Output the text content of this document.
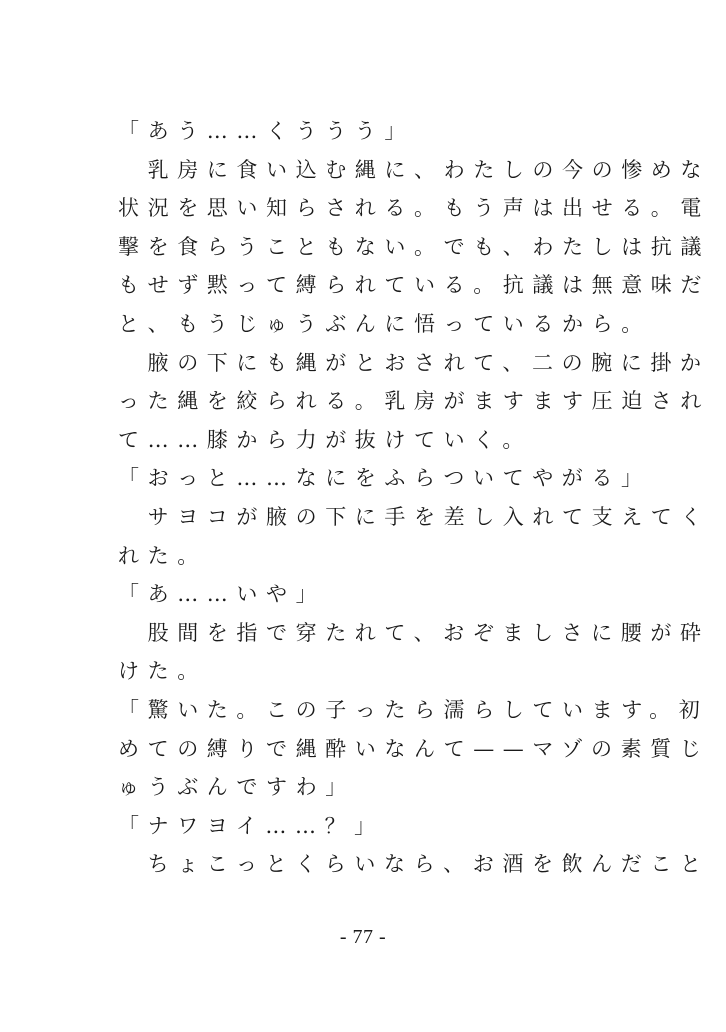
「あう……くううう」
　乳房に食い込む縄に、わたしの今の惨めな
状況を思い知らされる。もう声は出せる。電
撃を食らうこともない。でも、わたしは抗議
もせず黙って縛られている。抗議は無意味だ
と、もうじゅうぶんに悟っているから。
　腋の下にも縄がとおされて、二の腕に掛か
った縄を絞られる。乳房がますます圧迫され
て……膝から力が抜けていく。
「おっと……なにをふらついてやがる」
　サヨコが腋の下に手を差し入れて支えてく
れた。
「あ……いや」
　股間を指で穿たれて、おぞましさに腰が砕
けた。
「驚いた。この子ったら濡らしています。初
めての縛りで縄酔いなんて——マゾの素質じ
ゅうぶんですわ」
「ナワヨイ……？」
　ちょこっとくらいなら、お酒を飲んだこと
- 77 -
